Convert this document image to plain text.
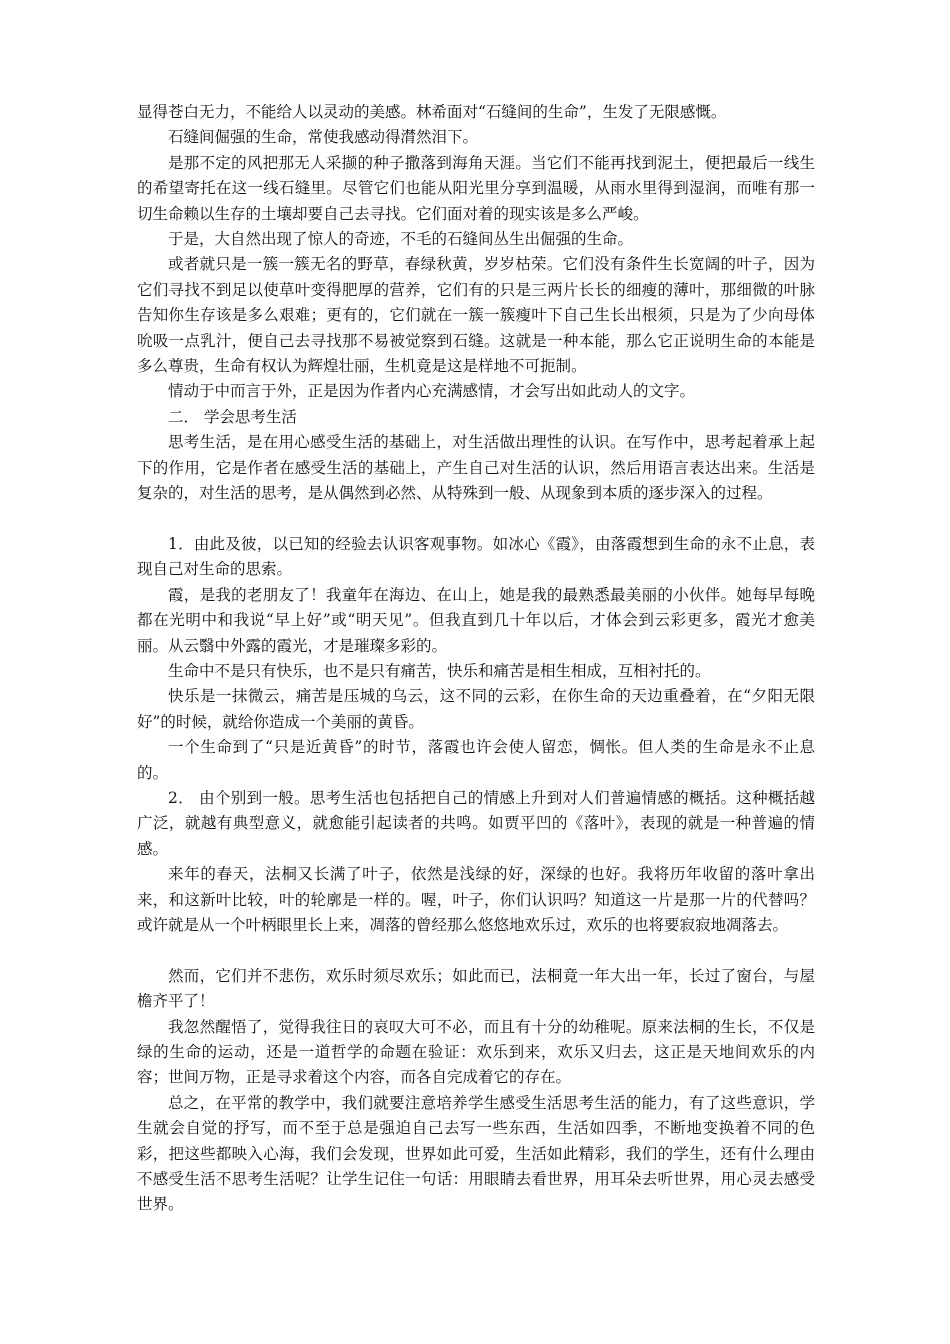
显得苍白无力，不能给人以灵动的美感。林希面对“石缝间的生命”，生发了无限感慨。

石缝间倔强的生命，常使我感动得潸然泪下。

是那不定的风把那无人采撷的种子撒落到海角天涯。当它们不能再找到泥土，便把最后一线生的希望寄托在这一线石缝里。尽管它们也能从阳光里分享到温暖，从雨水里得到湿润，而唯有那一切生命赖以生存的土壤却要自己去寻找。它们面对着的现实该是多么严峻。

于是，大自然出现了惊人的奇迹，不毛的石缝间丛生出倔强的生命。

或者就只是一簇一簇无名的野草，春绿秋黄，岁岁枯荣。它们没有条件生长宽阔的叶子，因为它们寻找不到足以使草叶变得肥厚的营养，它们有的只是三两片长长的细瘦的薄叶，那细微的叶脉告知你生存该是多么艰难；更有的，它们就在一簇一簇瘦叶下自己生长出根须，只是为了少向母体吮吸一点乳汁，便自己去寻找那不易被觉察到石缝。这就是一种本能，那么它正说明生命的本能是多么尊贵，生命有权认为辉煌壮丽，生机竟是这是样地不可扼制。

情动于中而言于外，正是因为作者内心充满感情，才会写出如此动人的文字。

二． 学会思考生活

思考生活，是在用心感受生活的基础上，对生活做出理性的认识。在写作中，思考起着承上起下的作用，它是作者在感受生活的基础上，产生自己对生活的认识，然后用语言表达出来。生活是复杂的，对生活的思考，是从偶然到必然、从特殊到一般、从现象到本质的逐步深入的过程。

1．由此及彼，以已知的经验去认识客观事物。如冰心《霞》，由落霞想到生命的永不止息，表现自己对生命的思索。

霞，是我的老朋友了！我童年在海边、在山上，她是我的最熟悉最美丽的小伙伴。她每早每晚都在光明中和我说“早上好”或“明天见”。但我直到几十年以后，才体会到云彩更多，霞光才愈美丽。从云翳中外露的霞光，才是璀璨多彩的。

生命中不是只有快乐，也不是只有痛苦，快乐和痛苦是相生相成，互相衬托的。

快乐是一抹微云，痛苦是压城的乌云，这不同的云彩，在你生命的天边重叠着，在“夕阳无限好”的时候，就给你造成一个美丽的黄昏。

一个生命到了“只是近黄昏”的时节，落霞也许会使人留恋，惆怅。但人类的生命是永不止息的。

2． 由个别到一般。思考生活也包括把自己的情感上升到对人们普遍情感的概括。这种概括越广泛，就越有典型意义，就愈能引起读者的共鸣。如贾平凹的《落叶》，表现的就是一种普遍的情感。

来年的春天，法桐又长满了叶子，依然是浅绿的好，深绿的也好。我将历年收留的落叶拿出来，和这新叶比较，叶的轮廓是一样的。喔，叶子，你们认识吗？知道这一片是那一片的代替吗？或许就是从一个叶柄眼里长上来，凋落的曾经那么悠悠地欢乐过，欢乐的也将要寂寂地凋落去。

然而，它们并不悲伤，欢乐时须尽欢乐；如此而已，法桐竟一年大出一年，长过了窗台，与屋檐齐平了！

我忽然醒悟了，觉得我往日的哀叹大可不必，而且有十分的幼稚呢。原来法桐的生长，不仅是绿的生命的运动，还是一道哲学的命题在验证：欢乐到来，欢乐又归去，这正是天地间欢乐的内容；世间万物，正是寻求着这个内容，而各自完成着它的存在。

总之，在平常的教学中，我们就要注意培养学生感受生活思考生活的能力，有了这些意识，学生就会自觉的抒写，而不至于总是强迫自己去写一些东西，生活如四季，不断地变换着不同的色彩，把这些都映入心海，我们会发现，世界如此可爱，生活如此精彩，我们的学生，还有什么理由不感受生活不思考生活呢？让学生记住一句话：用眼睛去看世界，用耳朵去听世界，用心灵去感受世界。
